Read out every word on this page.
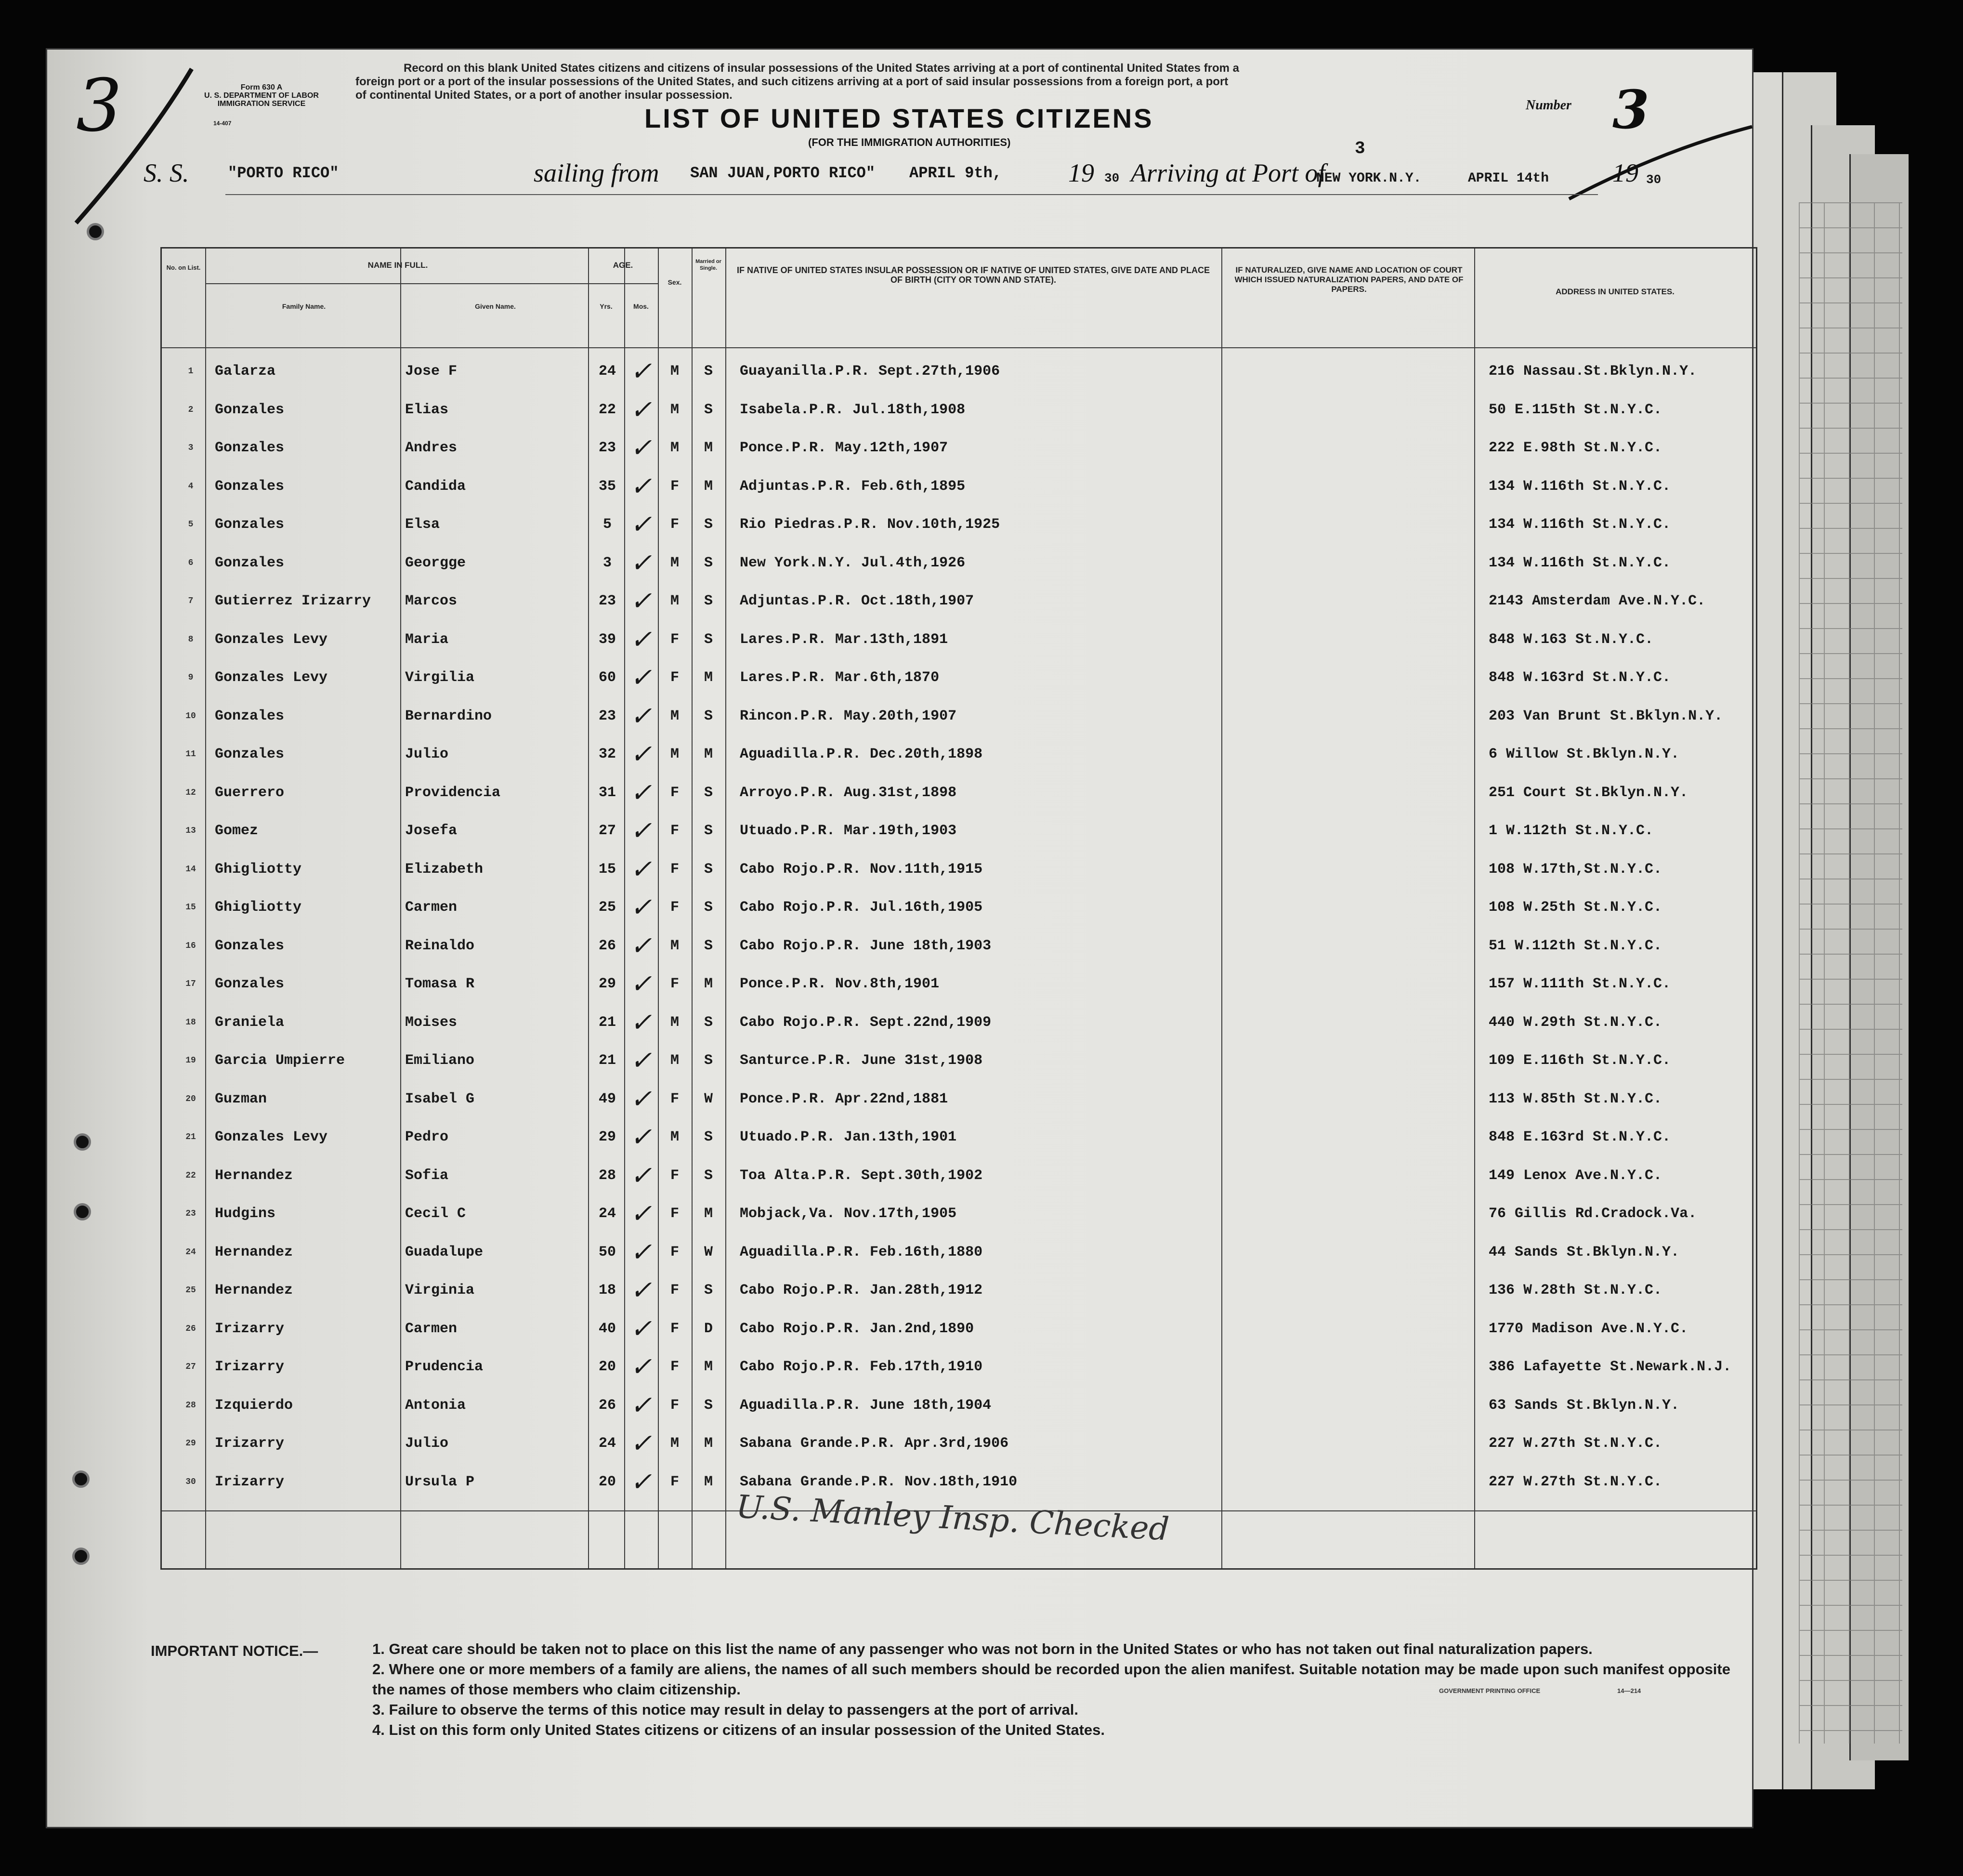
3	Form 630 A
U. S. DEPARTMENT OF LABOR
IMMIGRATION SERVICE
14-407
Record on this blank United States citizens and citizens of insular possessions of the United States arriving at a port of continental United States from a
foreign port or a port of the insular possessions of the United States, and such citizens arriving at a port of said insular possessions from a foreign port, a port
of continental United States, or a port of another insular possession.
Number 3
3
LIST OF UNITED STATES CITIZENS
(FOR THE IMMIGRATION AUTHORITIES)
S. S.	"PORTO RICO"	sailing from SAN JUAN,PORTO RICO" APRIL 9th,	19 30 Arriving at Port of
NEW YORK.N.Y.	APRIL 14th 19 30
No. on List.	NAME IN FULL.
Family Name.	Given Name.
AGE.
Yrs.	Mos.
Sex.
Married or Single.	IF NATIVE OF UNITED STATES INSULAR POSSESSION OR IF NATIVE OF UNITED STATES, GIVE DATE AND PLACE OF BIRTH (CITY OR TOWN AND STATE).
IF NATURALIZED, GIVE NAME AND LOCATION OF COURT WHICH ISSUED NATURALIZATION PAPERS, AND DATE OF PAPERS.	ADDRESS IN UNITED STATES.
1	Galarza	Jose F	24 ✓	M	S	Guayanilla.P.R. Sept.27th,1906	216 Nassau.St.Bklyn.N.Y.
2	Gonzales	Elias	22 ✓	M	S	Isabela.P.R. Jul.18th,1908	50 E.115th St.N.Y.C.
3	Gonzales	Andres	23 ✓	M	M	Ponce.P.R. May.12th,1907	222 E.98th St.N.Y.C.
4	Gonzales	Candida	35 ✓	F	M	Adjuntas.P.R. Feb.6th,1895	134 W.116th St.N.Y.C.
5	Gonzales	Elsa	5 ✓	F	S	Rio Piedras.P.R. Nov.10th,1925	134 W.116th St.N.Y.C.
6	Gonzales	Georgge	3 ✓	M	S	New York.N.Y. Jul.4th,1926	134 W.116th St.N.Y.C.
7	Gutierrez Irizarry	Marcos	23 ✓	M	S	Adjuntas.P.R. Oct.18th,1907	2143 Amsterdam Ave.N.Y.C.
8	Gonzales Levy	Maria	39 ✓	F	S	Lares.P.R. Mar.13th,1891	848 W.163 St.N.Y.C.
9	Gonzales Levy	Virgilia	60 ✓	F	M	Lares.P.R. Mar.6th,1870	848 W.163rd St.N.Y.C.
10	Gonzales	Bernardino	23 ✓	M	S	Rincon.P.R. May.20th,1907	203 Van Brunt St.Bklyn.N.Y.
11	Gonzales	Julio	32 ✓	M	M	Aguadilla.P.R. Dec.20th,1898	6 Willow St.Bklyn.N.Y.
12	Guerrero	Providencia	31 ✓	F	S	Arroyo.P.R. Aug.31st,1898	251 Court St.Bklyn.N.Y.
13	Gomez	Josefa	27 ✓	F	S	Utuado.P.R. Mar.19th,1903	1 W.112th St.N.Y.C.
14	Ghigliotty	Elizabeth	15 ✓	F	S	Cabo Rojo.P.R. Nov.11th,1915	108 W.17th,St.N.Y.C.
15	Ghigliotty	Carmen	25 ✓	F	S	Cabo Rojo.P.R. Jul.16th,1905	108 W.25th St.N.Y.C.
16	Gonzales	Reinaldo	26 ✓	M	S	Cabo Rojo.P.R. June 18th,1903	51 W.112th St.N.Y.C.
17	Gonzales	Tomasa R	29 ✓	F	M	Ponce.P.R. Nov.8th,1901	157 W.111th St.N.Y.C.
18	Graniela	Moises	21 ✓	M	S	Cabo Rojo.P.R. Sept.22nd,1909	440 W.29th St.N.Y.C.
19	Garcia Umpierre	Emiliano	21 ✓	M	S	Santurce.P.R. June 31st,1908	109 E.116th St.N.Y.C.
20	Guzman	Isabel G	49 ✓	F	W	Ponce.P.R. Apr.22nd,1881	113 W.85th St.N.Y.C.
21	Gonzales Levy	Pedro	29 ✓	M	S	Utuado.P.R. Jan.13th,1901	848 E.163rd St.N.Y.C.
22	Hernandez	Sofia	28 ✓	F	S	Toa Alta.P.R. Sept.30th,1902	149 Lenox Ave.N.Y.C.
23	Hudgins	Cecil C	24 ✓	F	M	Mobjack,Va. Nov.17th,1905	76 Gillis Rd.Cradock.Va.
24	Hernandez	Guadalupe	50 ✓	F	W	Aguadilla.P.R. Feb.16th,1880	44 Sands St.Bklyn.N.Y.
25	Hernandez	Virginia	18 ✓	F	S	Cabo Rojo.P.R. Jan.28th,1912	136 W.28th St.N.Y.C.
26	Irizarry	Carmen	40 ✓	F	D	Cabo Rojo.P.R. Jan.2nd,1890	1770 Madison Ave.N.Y.C.
27	Irizarry	Prudencia	20 ✓	F	M	Cabo Rojo.P.R. Feb.17th,1910	386 Lafayette St.Newark.N.J.
28	Izquierdo	Antonia	26 ✓	F	S	Aguadilla.P.R. June 18th,1904	63 Sands St.Bklyn.N.Y.
29	Irizarry	Julio	24 ✓	M	M	Sabana Grande.P.R. Apr.3rd,1906	227 W.27th St.N.Y.C.
30	Irizarry	Ursula P	20 ✓	F	M	Sabana Grande.P.R. Nov.18th,1910	227 W.27th St.N.Y.C.
U.S. Manley Insp. Checked
IMPORTANT NOTICE.—	1. Great care should be taken not to place on this list the name of any passenger who was not born in the United States or who has not taken out final naturalization papers.
2. Where one or more members of a family are aliens, the names of all such members should be recorded upon the alien manifest. Suitable notation may be made upon such manifest opposite the names of those members who claim citizenship.
3. Failure to observe the terms of this notice may result in delay to passengers at the port of arrival.
4. List on this form only United States citizens or citizens of an insular possession of the United States.
GOVERNMENT PRINTING OFFICE	14—214
